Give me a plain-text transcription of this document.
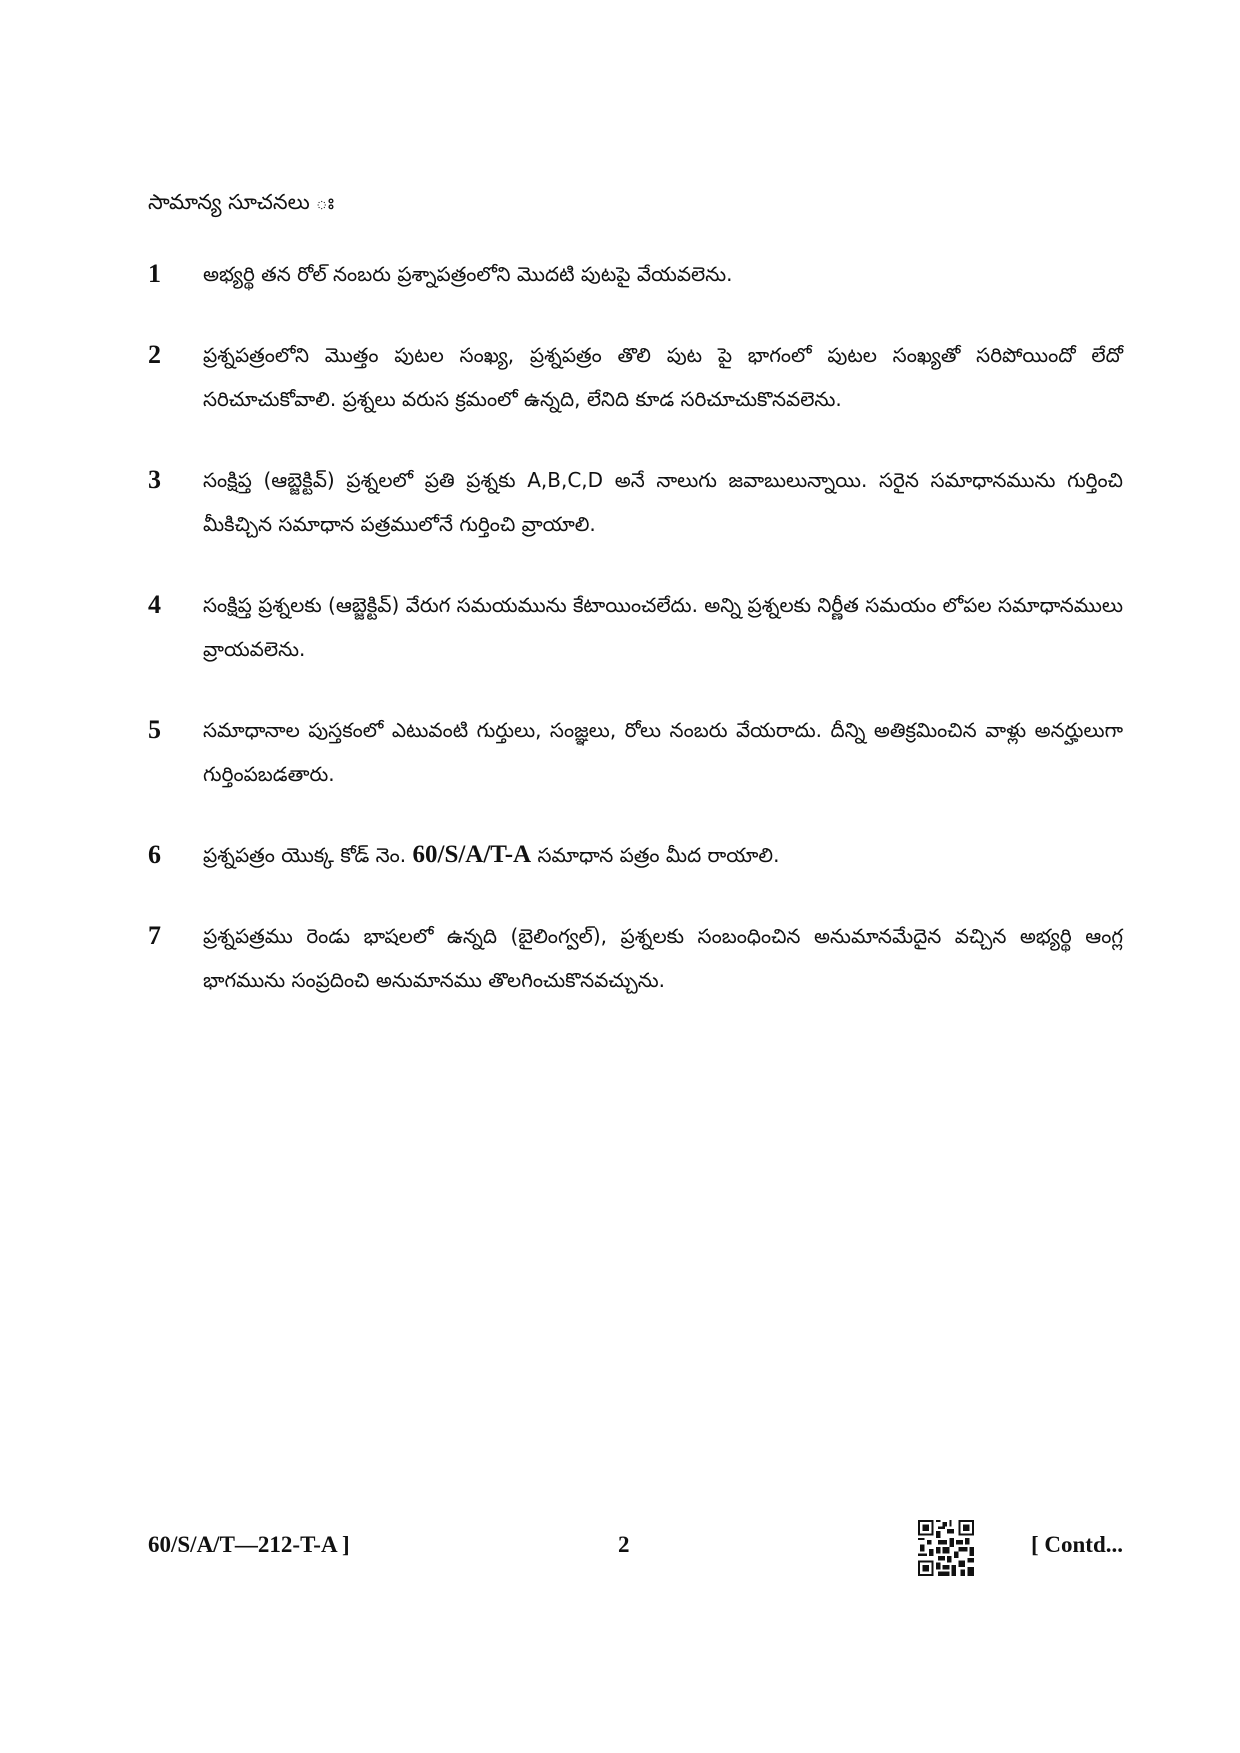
సామాన్య సూచనలు ః
1	అభ్యర్థి తన రోల్ నంబరు ప్రశ్నాపత్రంలోని మొదటి పుటపై వేయవలెను.
2	ప్రశ్నపత్రంలోని మొత్తం పుటల సంఖ్య, ప్రశ్నపత్రం తొలి పుట పై భాగంలో పుటల సంఖ్యతో సరిపోయిందో లేదో సరిచూచుకోవాలి. ప్రశ్నలు వరుస క్రమంలో ఉన్నది, లేనిది కూడ సరిచూచుకొనవలెను.
3	సంక్షిప్త (ఆబ్జెక్టివ్) ప్రశ్నలలో ప్రతి ప్రశ్నకు A,B,C,D అనే నాలుగు జవాబులున్నాయి. సరైన సమాధానమును గుర్తించి మీకిచ్చిన సమాధాన పత్రములోనే గుర్తించి వ్రాయాలి.
4	సంక్షిప్త ప్రశ్నలకు (ఆబ్జెక్టివ్) వేరుగ సమయమును కేటాయించలేదు. అన్ని ప్రశ్నలకు నిర్ణీత సమయం లోపల సమాధానములు వ్రాయవలెను.
5	సమాధానాల పుస్తకంలో ఎటువంటి గుర్తులు, సంజ్ఞలు, రోలు నంబరు వేయరాదు. దీన్ని అతిక్రమించిన వాళ్లు అనర్హులుగా గుర్తింపబడతారు.
6	ప్రశ్నపత్రం యొక్క కోడ్ నెం. 60/S/A/T-A సమాధాన పత్రం మీద రాయాలి.
7	ప్రశ్నపత్రము రెండు భాషలలో ఉన్నది (బైలింగ్వల్), ప్రశ్నలకు సంబంధించిన అనుమానమేదైన వచ్చిన అభ్యర్థి ఆంగ్ల భాగమును సంప్రదించి అనుమానము తొలగించుకొనవచ్చును.
60/S/A/T—212-T-A ]	2	[ Contd...
